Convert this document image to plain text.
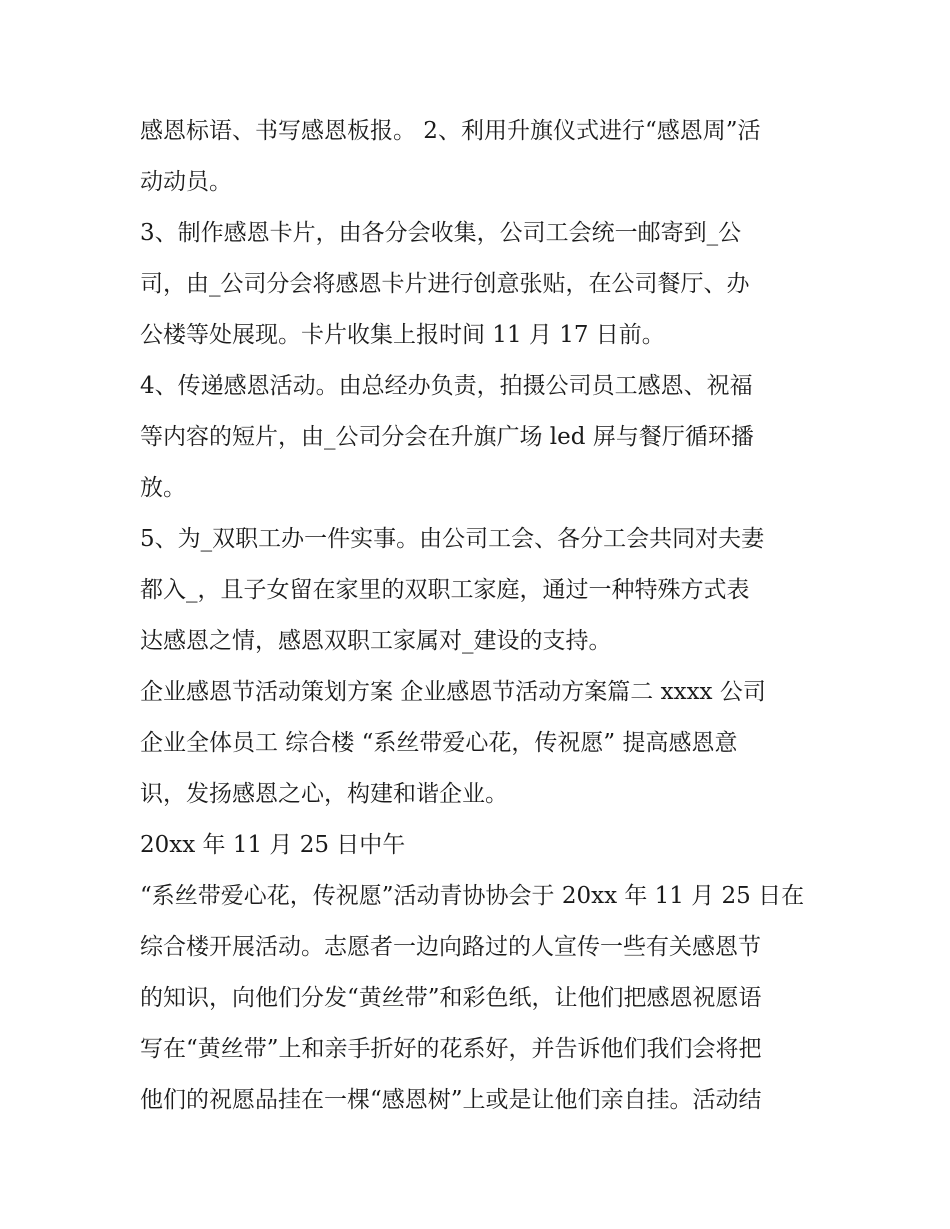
感恩标语、书写感恩板报。 2、利用升旗仪式进行“感恩周”活
动动员。
3、制作感恩卡片，由各分会收集，公司工会统一邮寄到_公
司，由_公司分会将感恩卡片进行创意张贴，在公司餐厅、办
公楼等处展现。卡片收集上报时间 11 月 17 日前。
4、传递感恩活动。由总经办负责，拍摄公司员工感恩、祝福
等内容的短片，由_公司分会在升旗广场 led 屏与餐厅循环播
放。
5、为_双职工办一件实事。由公司工会、各分工会共同对夫妻
都入_，且子女留在家里的双职工家庭，通过一种特殊方式表
达感恩之情，感恩双职工家属对_建设的支持。
企业感恩节活动策划方案 企业感恩节活动方案篇二 xxxx 公司
企业全体员工 综合楼 “系丝带爱心花，传祝愿” 提高感恩意
识，发扬感恩之心，构建和谐企业。
20xx 年 11 月 25 日中午
“系丝带爱心花，传祝愿”活动青协协会于 20xx 年 11 月 25 日在
综合楼开展活动。志愿者一边向路过的人宣传一些有关感恩节
的知识，向他们分发“黄丝带”和彩色纸，让他们把感恩祝愿语
写在“黄丝带”上和亲手折好的花系好，并告诉他们我们会将把
他们的祝愿品挂在一棵“感恩树”上或是让他们亲自挂。活动结
